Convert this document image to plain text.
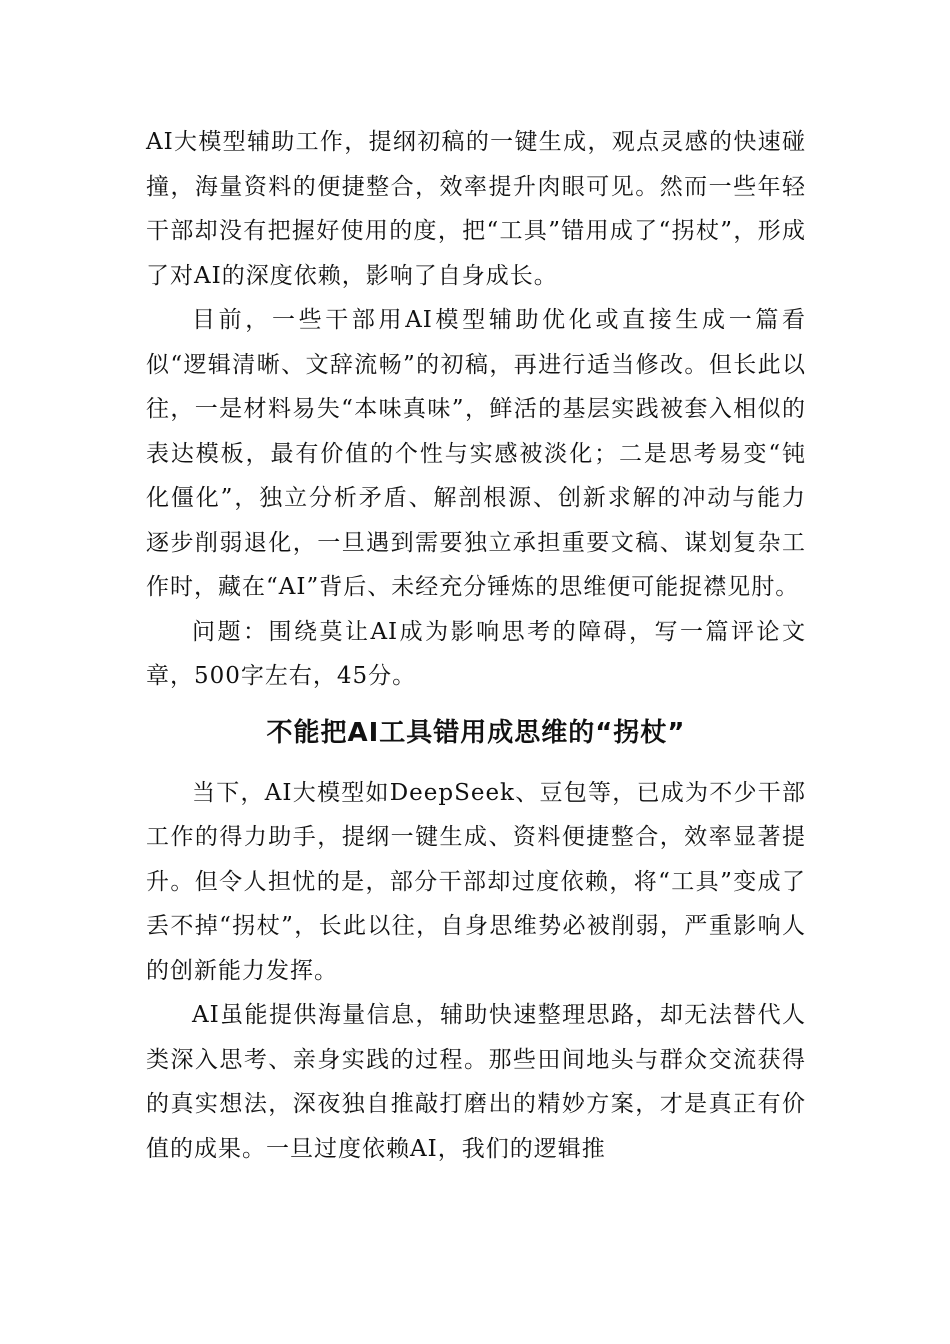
AI大模型辅助工作，提纲初稿的一键生成，观点灵感的快速碰撞，海量资料的便捷整合，效率提升肉眼可见。然而一些年轻干部却没有把握好使用的度，把“工具”错用成了“拐杖”，形成了对AI的深度依赖，影响了自身成长。

目前，一些干部用AI模型辅助优化或直接生成一篇看似“逻辑清晰、文辞流畅”的初稿，再进行适当修改。但长此以往，一是材料易失“本味真味”，鲜活的基层实践被套入相似的表达模板，最有价值的个性与实感被淡化；二是思考易变“钝化僵化”，独立分析矛盾、解剖根源、创新求解的冲动与能力逐步削弱退化，一旦遇到需要独立承担重要文稿、谋划复杂工作时，藏在“AI”背后、未经充分锤炼的思维便可能捉襟见肘。

问题：围绕莫让AI成为影响思考的障碍，写一篇评论文章，500字左右，45分。

不能把AI工具错用成思维的“拐杖”

当下，AI大模型如DeepSeek、豆包等，已成为不少干部工作的得力助手，提纲一键生成、资料便捷整合，效率显著提升。但令人担忧的是，部分干部却过度依赖，将“工具”变成了丢不掉“拐杖”，长此以往，自身思维势必被削弱，严重影响人的创新能力发挥。

AI虽能提供海量信息，辅助快速整理思路，却无法替代人类深入思考、亲身实践的过程。那些田间地头与群众交流获得的真实想法，深夜独自推敲打磨出的精妙方案，才是真正有价值的成果。一旦过度依赖AI，我们的逻辑推
